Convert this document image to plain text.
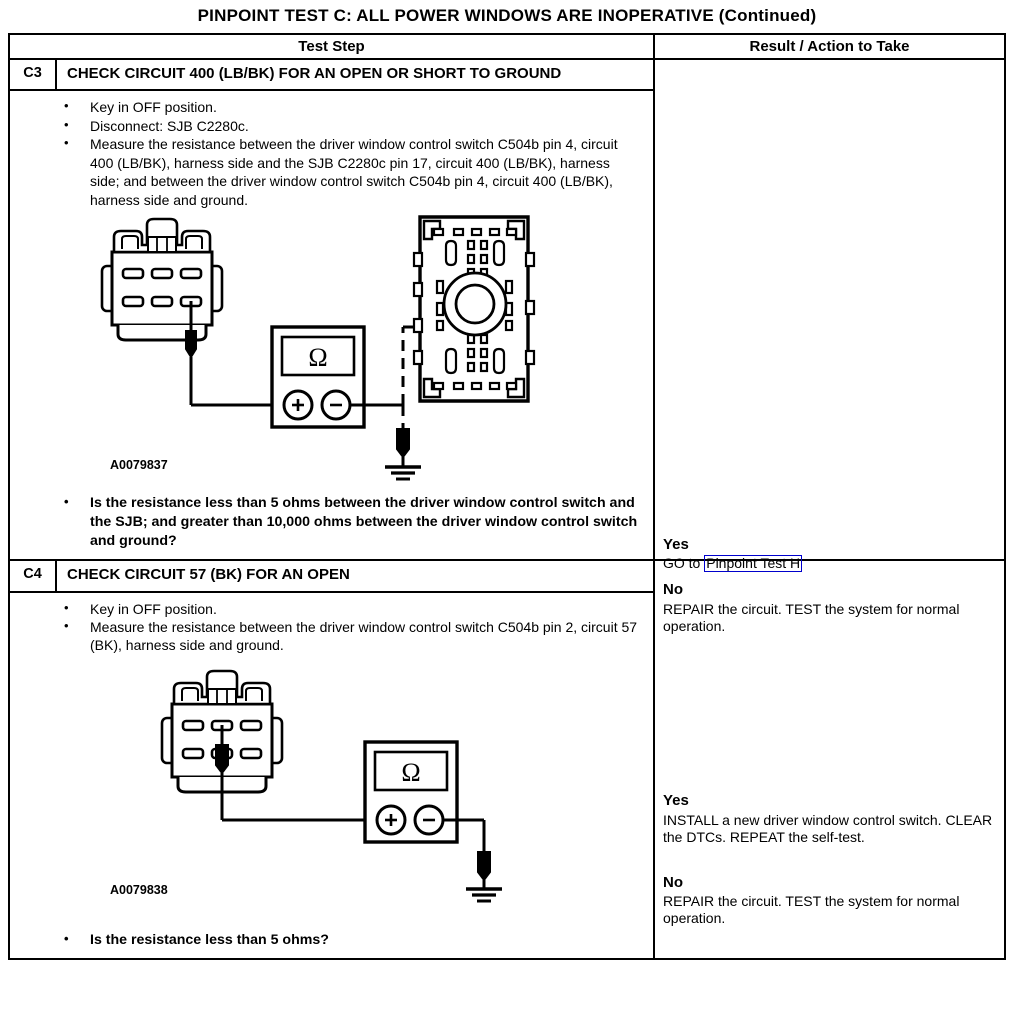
PINPOINT TEST C: ALL POWER WINDOWS ARE INOPERATIVE (Continued)
Test Step	Result / Action to Take
C3	CHECK CIRCUIT 400 (LB/BK) FOR AN OPEN OR SHORT TO GROUND
• Key in OFF position.
• Disconnect: SJB C2280c.
• Measure the resistance between the driver window control switch C504b pin 4, circuit 400 (LB/BK), harness side and the SJB C2280c pin 17, circuit 400 (LB/BK), harness side; and between the driver window control switch C504b pin 4, circuit 400 (LB/BK), harness side and ground.
Ω
A0079837
• Is the resistance less than 5 ohms between the driver window control switch and the SJB; and greater than 10,000 ohms between the driver window control switch and ground?	Yes
GO to Pinpoint Test H
No
REPAIR the circuit. TEST the system for normal operation.
C4	CHECK CIRCUIT 57 (BK) FOR AN OPEN
• Key in OFF position.
• Measure the resistance between the driver window control switch C504b pin 2, circuit 57 (BK), harness side and ground.
Ω
A0079838
• Is the resistance less than 5 ohms?
Yes
INSTALL a new driver window control switch. CLEAR the DTCs. REPEAT the self-test.
No
REPAIR the circuit. TEST the system for normal operation.
